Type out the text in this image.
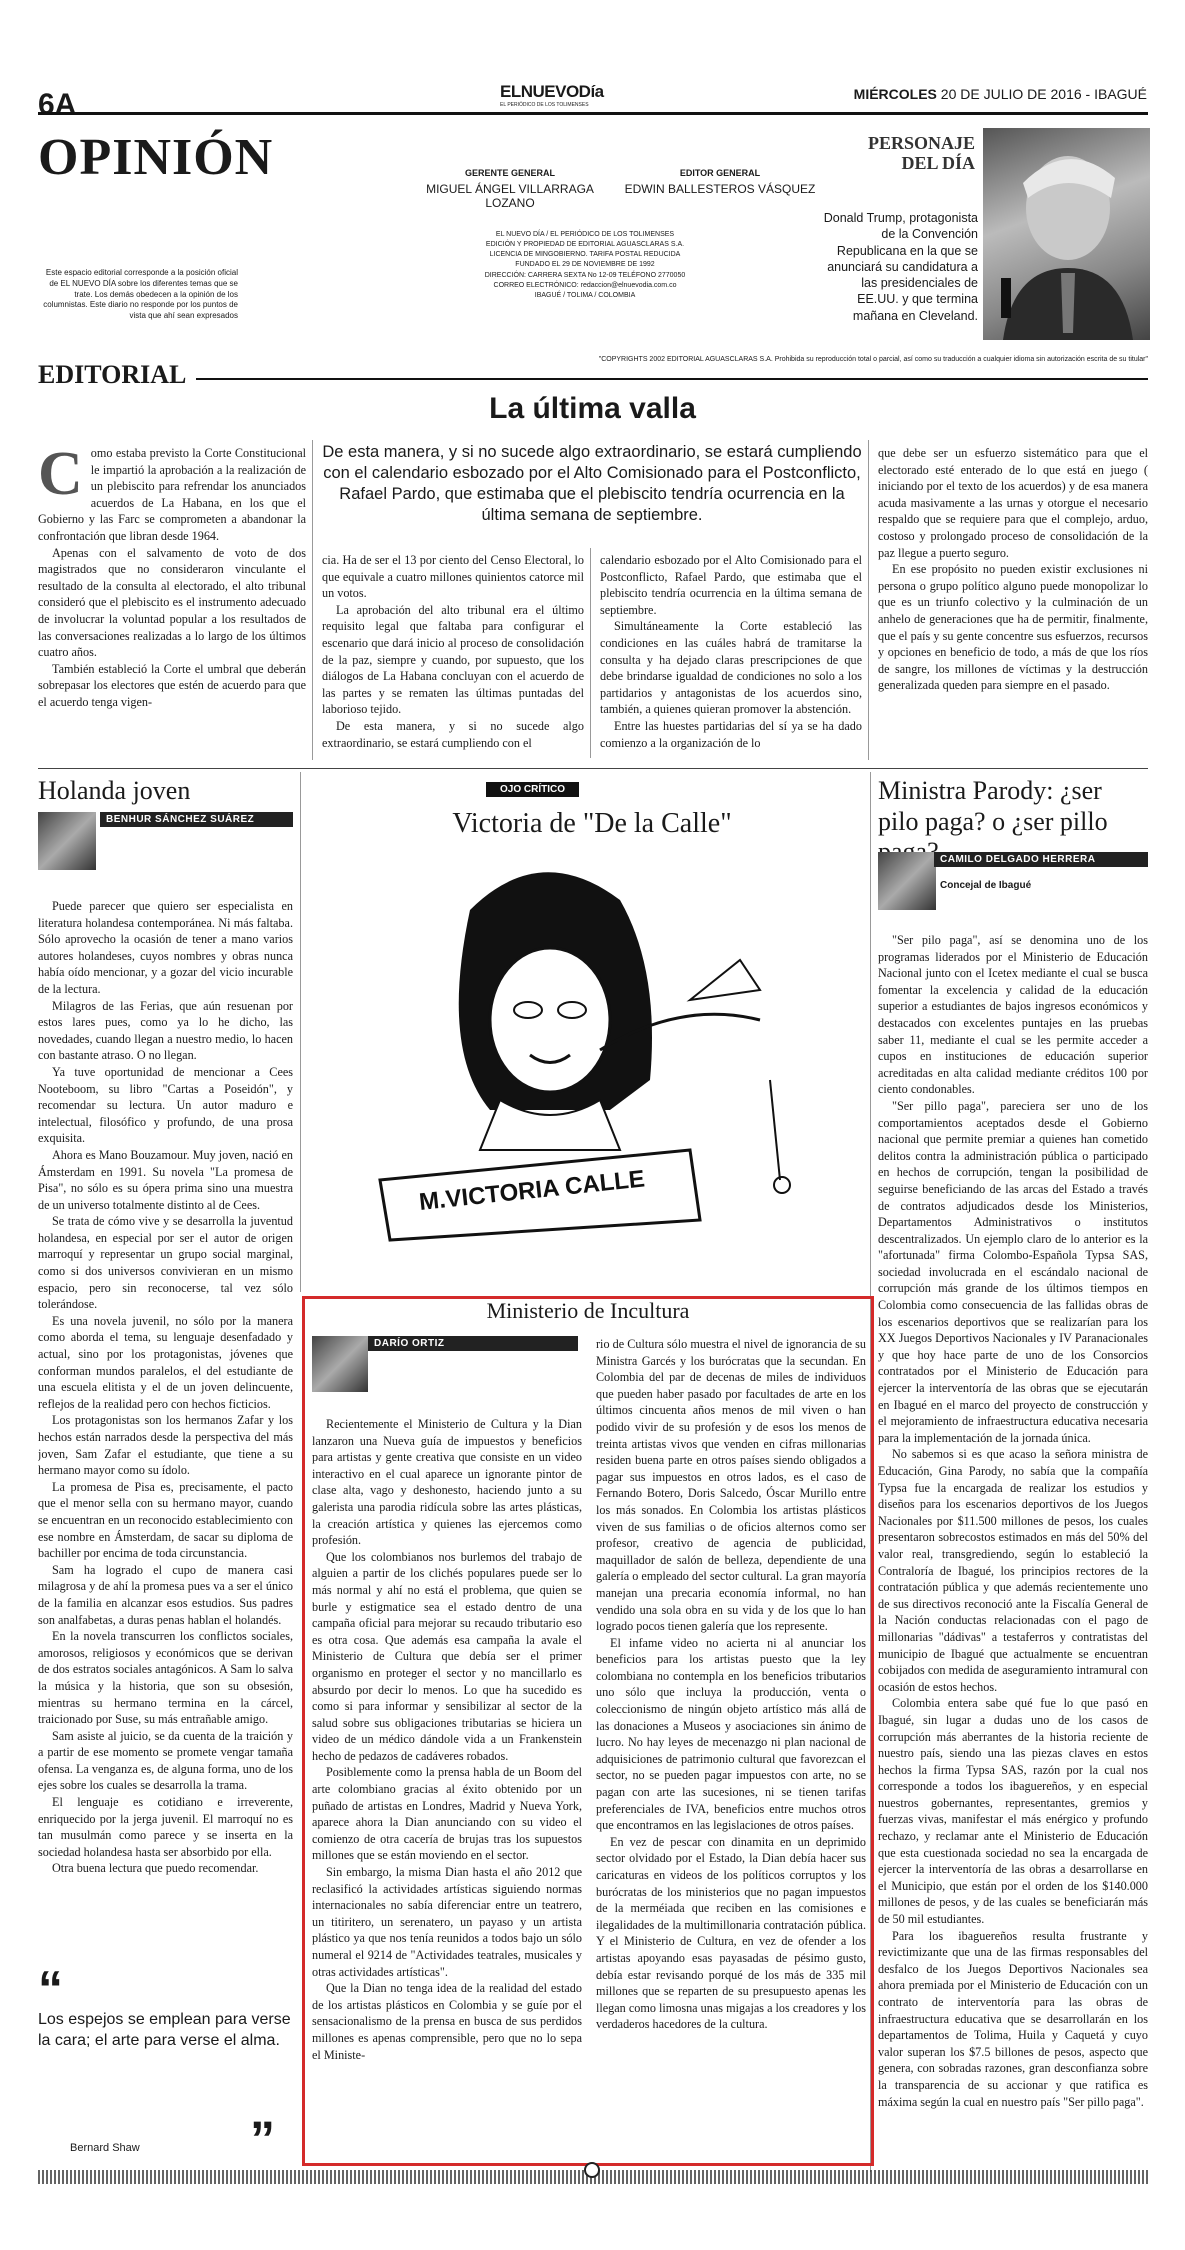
6A	ELNUEVODía
EL PERIÓDICO DE LOS TOLIMENSES
MIÉRCOLES 20 DE JULIO DE 2016 - IBAGUÉ
OPINIÓN	GERENTE GENERAL
MIGUEL ÁNGEL VILLARRAGA LOZANO
EDITOR GENERAL
EDWIN BALLESTEROS VÁSQUEZ
EL NUEVO DÍA / EL PERIÓDICO DE LOS TOLIMENSES
EDICIÓN Y PROPIEDAD DE EDITORIAL AGUASCLARAS S.A.
LICENCIA DE MINGOBIERNO. TARIFA POSTAL REDUCIDA
FUNDADO EL 29 DE NOVIEMBRE DE 1992
DIRECCIÓN: CARRERA SEXTA No 12-09 TELÉFONO 2770050
CORREO ELECTRÓNICO: redaccion@elnuevodia.com.co
IBAGUÉ / TOLIMA / COLOMBIA
Este espacio editorial corresponde a la posición oficial de EL NUEVO DÍA sobre los diferentes temas que se trate. Los demás obedecen a la opinión de los columnistas. Este diario no responde por los puntos de vista que ahí sean expresados
PERSONAJE DEL DÍA
Donald Trump, protagonista de la Convención Republicana en la que se anunciará su candidatura a las presidenciales de EE.UU. y que termina mañana en Cleveland.
"COPYRIGHTS 2002 EDITORIAL AGUASCLARAS S.A. Prohibida su reproducción total o parcial, así como su traducción a cualquier idioma sin autorización escrita de su titular"
EDITORIAL
La última valla
C omo estaba previsto la Corte Constitucional le impartió la aprobación a la realización de un plebiscito para refrendar los anunciados acuerdos de La Habana, en los que el Gobierno y las Farc se comprometen a abandonar la confrontación que libran desde 1964.

Apenas con el salvamento de voto de dos magistrados que no consideraron vinculante el resultado de la consulta al electorado, el alto tribunal consideró que el plebiscito es el instrumento adecuado de involucrar la voluntad popular a los resultados de las conversaciones realizadas a lo largo de los últimos cuatro años.

También estableció la Corte el umbral que deberán sobrepasar los electores que estén de acuerdo para que el acuerdo tenga vigen-

De esta manera, y si no sucede algo extraordinario, se estará cumpliendo con el calendario esbozado por el Alto Comisionado para el Postconflicto, Rafael Pardo, que estimaba que el plebiscito tendría ocurrencia en la última semana de septiembre.

cia. Ha de ser el 13 por ciento del Censo Electoral, lo que equivale a cuatro millones quinientos catorce mil un votos.

La aprobación del alto tribunal era el último requisito legal que faltaba para configurar el escenario que dará inicio al proceso de consolidación de la paz, siempre y cuando, por supuesto, que los diálogos de La Habana concluyan con el acuerdo de las partes y se rematen las últimas puntadas del laborioso tejido.

De esta manera, y si no sucede algo extraordinario, se estará cumpliendo con el

calendario esbozado por el Alto Comisionado para el Postconflicto, Rafael Pardo, que estimaba que el plebiscito tendría ocurrencia en la última semana de septiembre.

Simultáneamente la Corte estableció las condiciones en las cuáles habrá de tramitarse la consulta y ha dejado claras prescripciones de que debe brindarse igualdad de condiciones no solo a los partidarios y antagonistas de los acuerdos sino, también, a quienes quieran promover la abstención.

Entre las huestes partidarias del sí ya se ha dado comienzo a la organización de lo

que debe ser un esfuerzo sistemático para que el electorado esté enterado de lo que está en juego ( iniciando por el texto de los acuerdos) y de esa manera acuda masivamente a las urnas y otorgue el necesario respaldo que se requiere para que el complejo, arduo, costoso y prolongado proceso de consolidación de la paz llegue a puerto seguro.

En ese propósito no pueden existir exclusiones ni persona o grupo político alguno puede monopolizar lo que es un triunfo colectivo y la culminación de un anhelo de generaciones que ha de permitir, finalmente, que el país y su gente concentre sus esfuerzos, recursos y opciones en beneficio de todo, a más de que los ríos de sangre, los millones de víctimas y la destrucción generalizada queden para siempre en el pasado.

Holanda joven
BENHUR SÁNCHEZ SUÁREZ

Puede parecer que quiero ser especialista en literatura holandesa contemporánea. Ni más faltaba. Sólo aprovecho la ocasión de tener a mano varios autores holandeses, cuyos nombres y obras nunca había oído mencionar, y a gozar del vicio incurable de la lectura.

Milagros de las Ferias, que aún resuenan por estos lares pues, como ya lo he dicho, las novedades, cuando llegan a nuestro medio, lo hacen con bastante atraso. O no llegan.

Ya tuve oportunidad de mencionar a Cees Nooteboom, su libro "Cartas a Poseidón", y recomendar su lectura. Un autor maduro e intelectual, filosófico y profundo, de una prosa exquisita.

Ahora es Mano Bouzamour. Muy joven, nació en Ámsterdam en 1991. Su novela "La promesa de Pisa", no sólo es su ópera prima sino una muestra de un universo totalmente distinto al de Cees.

Se trata de cómo vive y se desarrolla la juventud holandesa, en especial por ser el autor de origen marroquí y representar un grupo social marginal, como si dos universos convivieran en un mismo espacio, pero sin reconocerse, tal vez sólo tolerándose.

Es una novela juvenil, no sólo por la manera como aborda el tema, su lenguaje desenfadado y actual, sino por los protagonistas, jóvenes que conforman mundos paralelos, el del estudiante de una escuela elitista y el de un joven delincuente, reflejos de la realidad pero con hechos ficticios.

Los protagonistas son los hermanos Zafar y los hechos están narrados desde la perspectiva del más joven, Sam Zafar el estudiante, que tiene a su hermano mayor como su ídolo.

La promesa de Pisa es, precisamente, el pacto que el menor sella con su hermano mayor, cuando se encuentran en un reconocido establecimiento con ese nombre en Ámsterdam, de sacar su diploma de bachiller por encima de toda circunstancia.

Sam ha logrado el cupo de manera casi milagrosa y de ahí la promesa pues va a ser el único de la familia en alcanzar esos estudios. Sus padres son analfabetas, a duras penas hablan el holandés.

En la novela transcurren los conflictos sociales, amorosos, religiosos y económicos que se derivan de dos estratos sociales antagónicos. A Sam lo salva la música y la historia, que son su obsesión, mientras su hermano termina en la cárcel, traicionado por Suse, su más entrañable amigo.

Sam asiste al juicio, se da cuenta de la traición y a partir de ese momento se promete vengar tamaña ofensa. La venganza es, de alguna forma, uno de los ejes sobre los cuales se desarrolla la trama.

El lenguaje es cotidiano e irreverente, enriquecido por la jerga juvenil. El marroquí no es tan musulmán como parece y se inserta en la sociedad holandesa hasta ser absorbido por ella.

Otra buena lectura que puedo recomendar.

“
Los espejos se emplean para verse la cara; el arte para verse el alma.
Bernard Shaw ”
OJO CRÍTICO
Victoria de "De la Calle"
M.VICTORIA CALLE
Ministerio de Incultura
DARÍO ORTIZ

Recientemente el Ministerio de Cultura y la Dian lanzaron una Nueva guía de impuestos y beneficios para artistas y gente creativa que consiste en un video interactivo en el cual aparece un ignorante pintor de clase alta, vago y deshonesto, haciendo junto a su galerista una parodia ridícula sobre las artes plásticas, la creación artística y quienes las ejercemos como profesión.

Que los colombianos nos burlemos del trabajo de alguien a partir de los clichés populares puede ser lo más normal y ahí no está el problema, que quien se burle y estigmatice sea el estado dentro de una campaña oficial para mejorar su recaudo tributario eso es otra cosa. Que además esa campaña la avale el Ministerio de Cultura que debía ser el primer organismo en proteger el sector y no mancillarlo es absurdo por decir lo menos. Lo que ha sucedido es como si para informar y sensibilizar al sector de la salud sobre sus obligaciones tributarias se hiciera un video de un médico dándole vida a un Frankenstein hecho de pedazos de cadáveres robados.

Posiblemente como la prensa habla de un Boom del arte colombiano gracias al éxito obtenido por un puñado de artistas en Londres, Madrid y Nueva York, aparece ahora la Dian anunciando con su video el comienzo de otra cacería de brujas tras los supuestos millones que se están moviendo en el sector.

Sin embargo, la misma Dian hasta el año 2012 que reclasificó la actividades artísticas siguiendo normas internacionales no sabía diferenciar entre un teatrero, un titiritero, un serenatero, un payaso y un artista plástico ya que nos tenía reunidos a todos bajo un sólo numeral el 9214 de "Actividades teatrales, musicales y otras actividades artísticas".

Que la Dian no tenga idea de la realidad del estado de los artistas plásticos en Colombia y se guíe por el sensacionalismo de la prensa en busca de sus perdidos millones es apenas comprensible, pero que no lo sepa el Ministe-

rio de Cultura sólo muestra el nivel de ignorancia de su Ministra Garcés y los burócratas que la secundan. En Colombia del par de decenas de miles de individuos que pueden haber pasado por facultades de arte en los últimos cincuenta años menos de mil viven o han podido vivir de su profesión y de esos los menos de treinta artistas vivos que venden en cifras millonarias residen buena parte en otros países siendo obligados a pagar sus impuestos en otros lados, es el caso de Fernando Botero, Doris Salcedo, Óscar Murillo entre los más sonados. En Colombia los artistas plásticos viven de sus familias o de oficios alternos como ser profesor, creativo de agencia de publicidad, maquillador de salón de belleza, dependiente de una galería o empleado del sector cultural. La gran mayoría manejan una precaria economía informal, no han vendido una sola obra en su vida y de los que lo han logrado pocos tienen galería que los represente.

El infame video no acierta ni al anunciar los beneficios para los artistas puesto que la ley colombiana no contempla en los beneficios tributarios uno sólo que incluya la producción, venta o coleccionismo de ningún objeto artístico más allá de las donaciones a Museos y asociaciones sin ánimo de lucro. No hay leyes de mecenazgo ni plan nacional de adquisiciones de patrimonio cultural que favorezcan el sector, no se pueden pagar impuestos con arte, no se pagan con arte las sucesiones, ni se tienen tarifas preferenciales de IVA, beneficios entre muchos otros que encontramos en las legislaciones de otros países.

En vez de pescar con dinamita en un deprimido sector olvidado por el Estado, la Dian debía hacer sus caricaturas en videos de los políticos corruptos y los burócratas de los ministerios que no pagan impuestos de la merméiada que reciben en las comisiones e ilegalidades de la multimillonaria contratación pública. Y el Ministerio de Cultura, en vez de ofender a los artistas apoyando esas payasadas de pésimo gusto, debía estar revisando porqué de los más de 335 mil millones que se reparten de su presupuesto apenas les llegan como limosna unas migajas a los creadores y los verdaderos hacedores de la cultura.

Ministra Parody: ¿ser pilo paga? o ¿ser pillo
CAMILO DELGADO HERRERA
Concejal de Ibagué

"Ser pilo paga", así se denomina uno de los programas liderados por el Ministerio de Educación Nacional junto con el Icetex mediante el cual se busca fomentar la excelencia y calidad de la educación superior a estudiantes de bajos ingresos económicos y destacados con excelentes puntajes en las pruebas saber 11, mediante el cual se les permite acceder a cupos en instituciones de educación superior acreditadas en alta calidad mediante créditos 100 por ciento condonables.

"Ser pillo paga", pareciera ser uno de los comportamientos aceptados desde el Gobierno nacional que permite premiar a quienes han cometido delitos contra la administración pública o participado en hechos de corrupción, tengan la posibilidad de seguirse beneficiando de las arcas del Estado a través de contratos adjudicados desde los Ministerios, Departamentos Administrativos o institutos descentralizados. Un ejemplo claro de lo anterior es la "afortunada" firma Colombo-Española Typsa SAS, sociedad involucrada en el escándalo nacional de corrupción más grande de los últimos tiempos en Colombia como consecuencia de las fallidas obras de los escenarios deportivos que se realizarían para los XX Juegos Deportivos Nacionales y IV Paranacionales y que hoy hace parte de uno de los Consorcios contratados por el Ministerio de Educación para ejercer la interventoría de las obras que se ejecutarán en Ibagué en el marco del proyecto de construcción y el mejoramiento de infraestructura educativa necesaria para la implementación de la jornada única.

No sabemos si es que acaso la señora ministra de Educación, Gina Parody, no sabía que la compañía Typsa fue la encargada de realizar los estudios y diseños para los escenarios deportivos de los Juegos Nacionales por $11.500 millones de pesos, los cuales presentaron sobrecostos estimados en más del 50% del valor real, transgrediendo, según lo estableció la Contraloría de Ibagué, los principios rectores de la contratación pública y que además recientemente uno de sus directivos reconoció ante la Fiscalía General de la Nación conductas relacionadas con el pago de millonarias "dádivas" a testaferros y contratistas del municipio de Ibagué que actualmente se encuentran cobijados con medida de aseguramiento intramural con ocasión de estos hechos.

Colombia entera sabe qué fue lo que pasó en Ibagué, sin lugar a dudas uno de los casos de corrupción más aberrantes de la historia reciente de nuestro país, siendo una las piezas claves en estos hechos la firma Typsa SAS, razón por la cual nos corresponde a todos los ibaguereños, y en especial nuestros gobernantes, representantes, gremios y fuerzas vivas, manifestar el más enérgico y profundo rechazo, y reclamar ante el Ministerio de Educación que esta cuestionada sociedad no sea la encargada de ejercer la interventoría de las obras a desarrollarse en el Municipio, que están por el orden de los $140.000 millones de pesos, y de las cuales se beneficiarán más de 50 mil estudiantes.

Para los ibaguereños resulta frustrante y revictimizante que una de las firmas responsables del desfalco de los Juegos Deportivos Nacionales sea ahora premiada por el Ministerio de Educación con un contrato de interventoría para las obras de infraestructura educativa que se desarrollarán en los departamentos de Tolima, Huila y Caquetá y cuyo valor superan los $7.5 billones de pesos, aspecto que genera, con sobradas razones, gran desconfianza sobre la transparencia de su accionar y que ratifica es máxima según la cual en nuestro país "Ser pillo paga".
